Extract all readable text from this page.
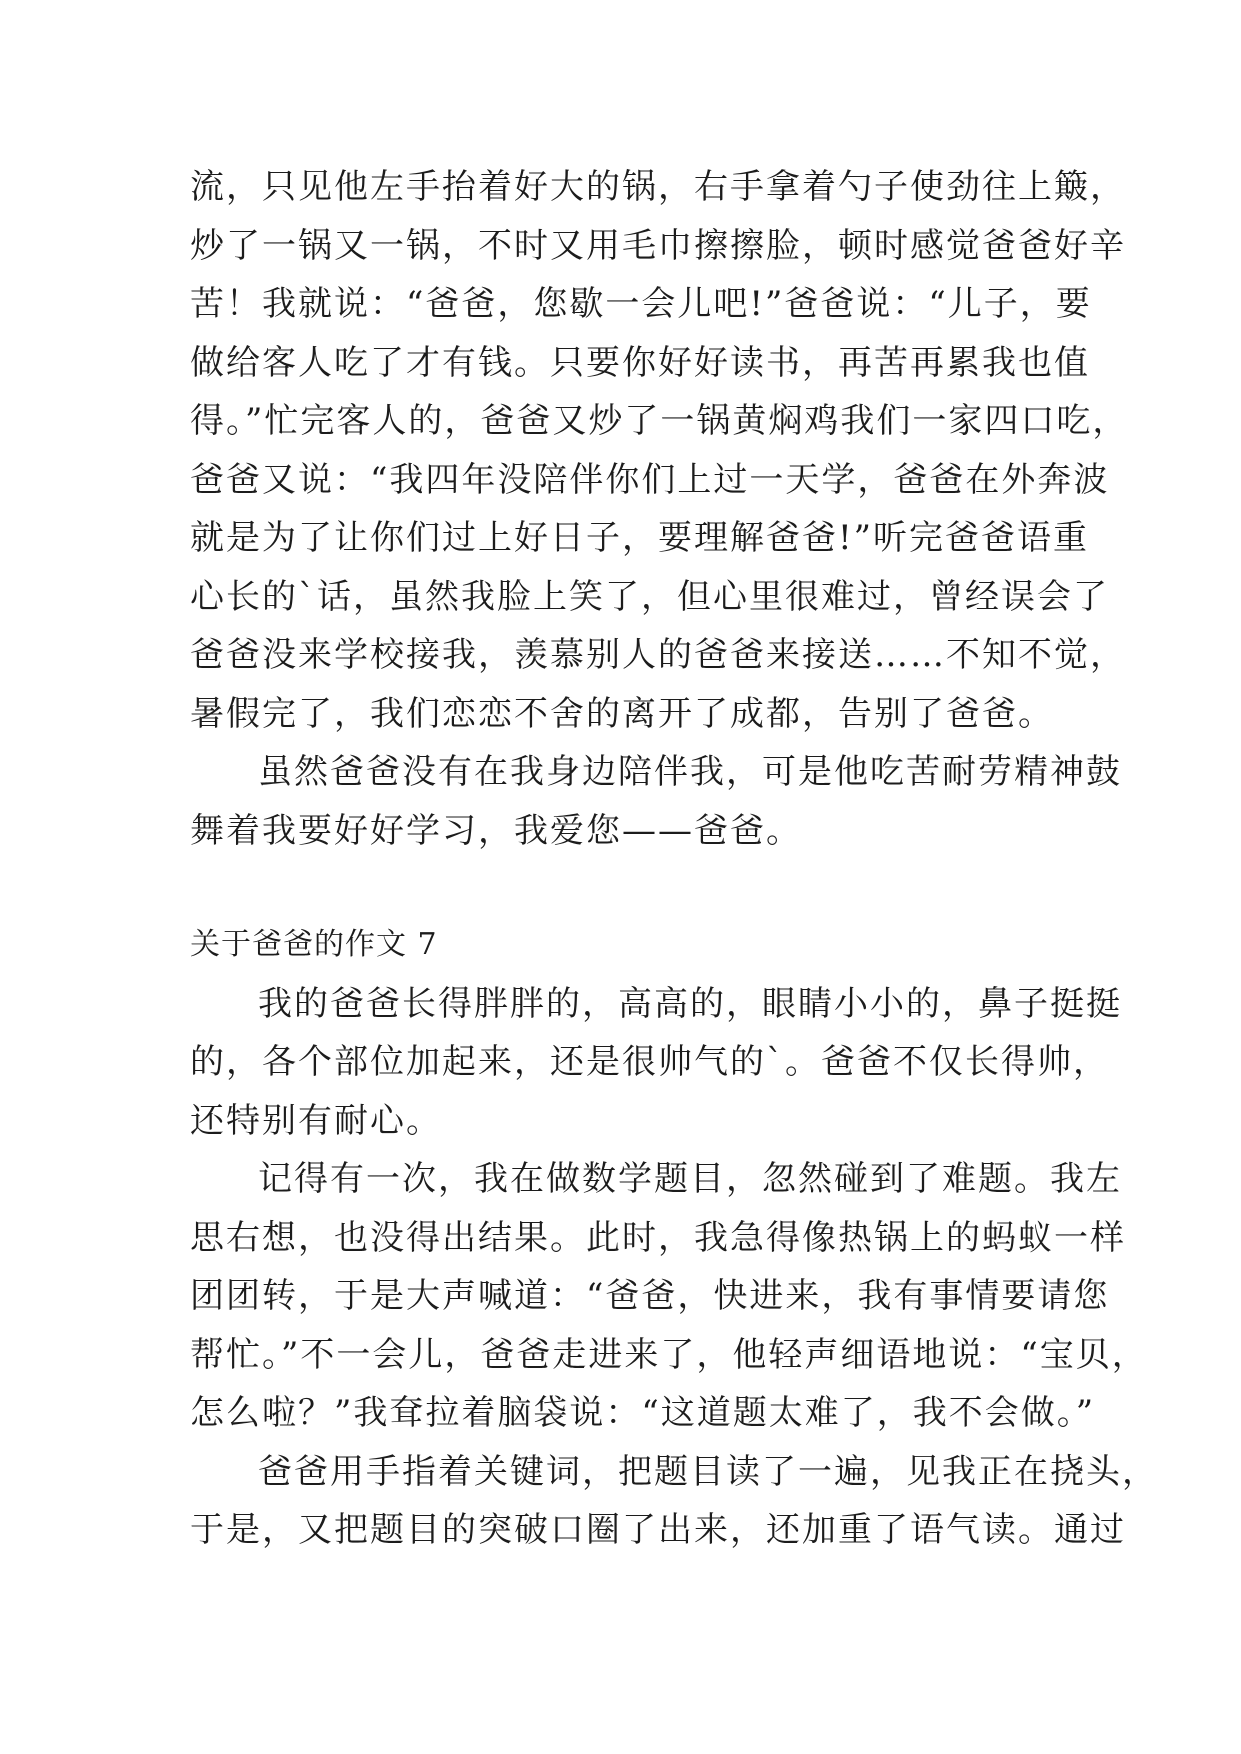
流，只见他左手抬着好大的锅，右手拿着勺子使劲往上簸，
炒了一锅又一锅，不时又用毛巾擦擦脸，顿时感觉爸爸好辛
苦！我就说：“爸爸，您歇一会儿吧!”爸爸说：“儿子，要
做给客人吃了才有钱。只要你好好读书，再苦再累我也值
得。”忙完客人的，爸爸又炒了一锅黄焖鸡我们一家四口吃，
爸爸又说：“我四年没陪伴你们上过一天学，爸爸在外奔波
就是为了让你们过上好日子，要理解爸爸!”听完爸爸语重
心长的`话，虽然我脸上笑了，但心里很难过，曾经误会了
爸爸没来学校接我，羡慕别人的爸爸来接送……不知不觉，
暑假完了，我们恋恋不舍的离开了成都，告别了爸爸。
虽然爸爸没有在我身边陪伴我，可是他吃苦耐劳精神鼓
舞着我要好好学习，我爱您——爸爸。
关于爸爸的作文 7
我的爸爸长得胖胖的，高高的，眼睛小小的，鼻子挺挺
的，各个部位加起来，还是很帅气的`。爸爸不仅长得帅，
还特别有耐心。
记得有一次，我在做数学题目，忽然碰到了难题。我左
思右想，也没得出结果。此时，我急得像热锅上的蚂蚁一样
团团转，于是大声喊道：“爸爸，快进来，我有事情要请您
帮忙。”不一会儿，爸爸走进来了，他轻声细语地说：“宝贝，
怎么啦？”我耷拉着脑袋说：“这道题太难了，我不会做。”
爸爸用手指着关键词，把题目读了一遍，见我正在挠头，
于是，又把题目的突破口圈了出来，还加重了语气读。通过
